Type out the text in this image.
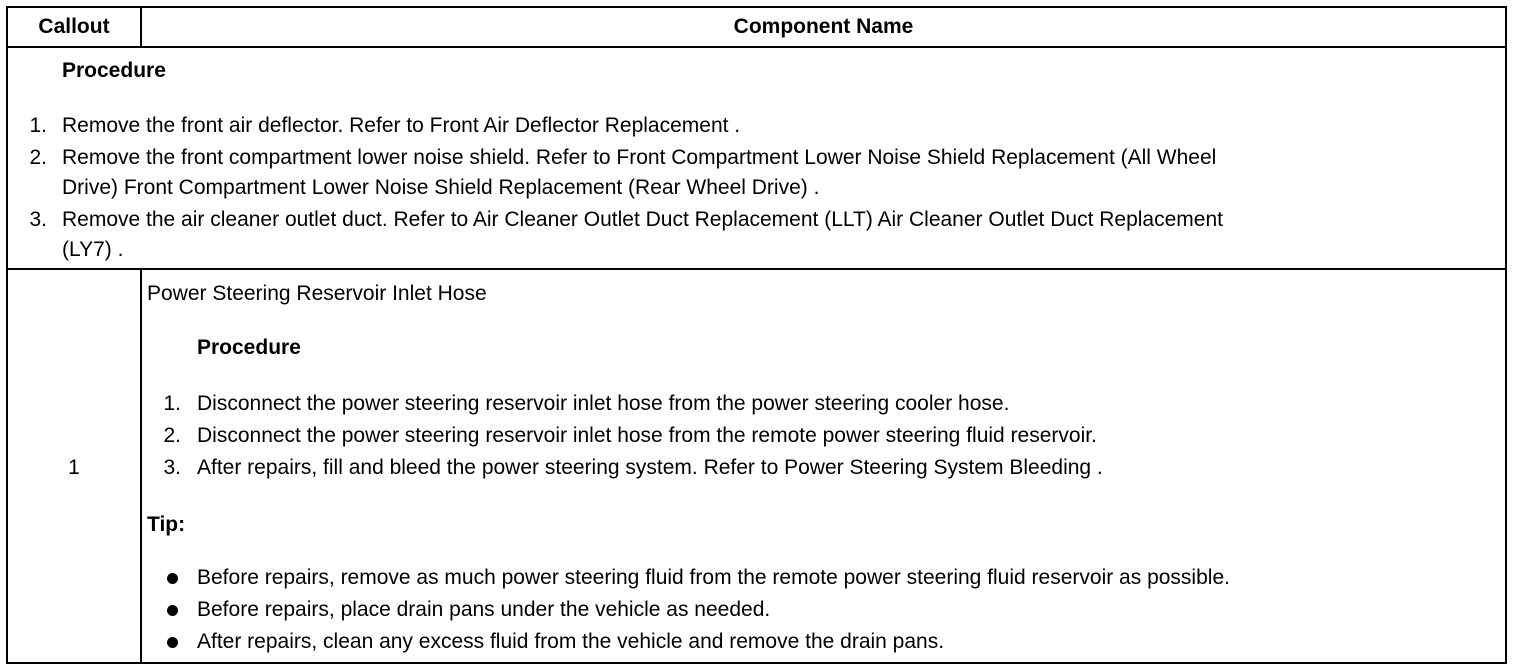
Callout	Component Name
Procedure
1. Remove the front air deflector. Refer to Front Air Deflector Replacement .
2. Remove the front compartment lower noise shield. Refer to Front Compartment Lower Noise Shield Replacement (All Wheel
Drive) Front Compartment Lower Noise Shield Replacement (Rear Wheel Drive) .
3. Remove the air cleaner outlet duct. Refer to Air Cleaner Outlet Duct Replacement (LLT) Air Cleaner Outlet Duct Replacement
(LY7) .
1
Power Steering Reservoir Inlet Hose
Procedure
1. Disconnect the power steering reservoir inlet hose from the power steering cooler hose.
2. Disconnect the power steering reservoir inlet hose from the remote power steering fluid reservoir.
3. After repairs, fill and bleed the power steering system. Refer to Power Steering System Bleeding .
Tip:
Before repairs, remove as much power steering fluid from the remote power steering fluid reservoir as possible.
Before repairs, place drain pans under the vehicle as needed.
After repairs, clean any excess fluid from the vehicle and remove the drain pans.
